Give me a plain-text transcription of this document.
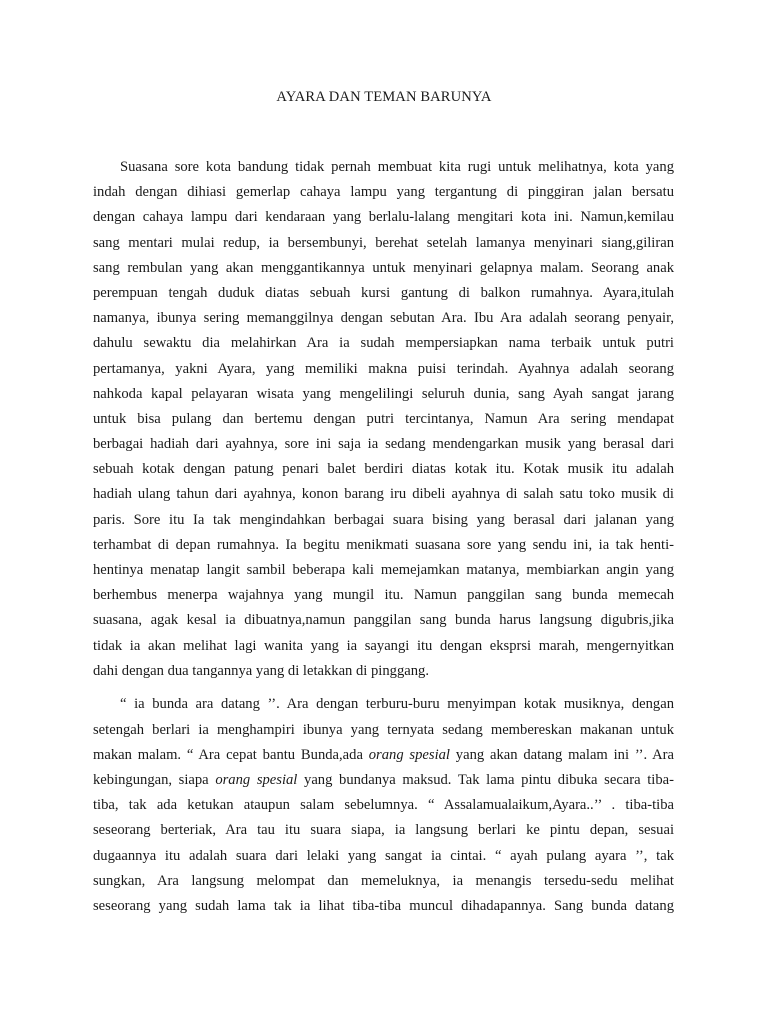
AYARA DAN TEMAN BARUNYA
Suasana sore kota bandung tidak pernah membuat kita rugi untuk melihatnya, kota yang
indah dengan dihiasi gemerlap cahaya lampu yang tergantung di pinggiran jalan bersatu
dengan cahaya lampu dari kendaraan yang berlalu-lalang mengitari kota ini. Namun,kemilau
sang mentari mulai redup, ia bersembunyi, berehat setelah lamanya menyinari siang,giliran
sang rembulan yang akan menggantikannya untuk menyinari gelapnya malam. Seorang anak
perempuan tengah duduk diatas sebuah kursi gantung di balkon rumahnya. Ayara,itulah
namanya, ibunya sering memanggilnya dengan sebutan Ara. Ibu Ara adalah seorang penyair,
dahulu sewaktu dia melahirkan Ara ia sudah mempersiapkan nama terbaik untuk putri
pertamanya, yakni Ayara, yang memiliki makna puisi terindah. Ayahnya adalah seorang
nahkoda kapal pelayaran wisata yang mengelilingi seluruh dunia, sang Ayah sangat jarang
untuk bisa pulang dan bertemu dengan putri tercintanya, Namun Ara sering mendapat
berbagai hadiah dari ayahnya, sore ini saja ia sedang mendengarkan musik yang berasal dari
sebuah kotak dengan patung penari balet berdiri diatas kotak itu. Kotak musik itu adalah
hadiah ulang tahun dari ayahnya, konon barang iru dibeli ayahnya di salah satu toko musik di
paris. Sore itu Ia tak mengindahkan berbagai suara bising yang berasal dari jalanan yang
terhambat di depan rumahnya. Ia begitu menikmati suasana sore yang sendu ini, ia tak henti-
hentinya menatap langit sambil beberapa kali memejamkan matanya, membiarkan angin yang
berhembus menerpa wajahnya yang mungil itu. Namun panggilan sang bunda memecah
suasana, agak kesal ia dibuatnya,namun panggilan sang bunda harus langsung digubris,jika
tidak ia akan melihat lagi wanita yang ia sayangi itu dengan eksprsi marah, mengernyitkan
dahi dengan dua tangannya yang di letakkan di pinggang.
“ ia bunda ara datang ’’. Ara dengan terburu-buru menyimpan kotak musiknya, dengan
setengah berlari ia menghampiri ibunya yang ternyata sedang membereskan makanan untuk
makan malam. “ Ara cepat bantu Bunda,ada orang spesial yang akan datang malam ini ’’. Ara
kebingungan, siapa orang spesial yang bundanya maksud. Tak lama pintu dibuka secara tiba-
tiba, tak ada ketukan ataupun salam sebelumnya. “ Assalamualaikum,Ayara..’’ . tiba-tiba
seseorang berteriak, Ara tau itu suara siapa, ia langsung berlari ke pintu depan, sesuai
dugaannya itu adalah suara dari lelaki yang sangat ia cintai. “ ayah pulang ayara ’’, tak
sungkan, Ara langsung melompat dan memeluknya, ia menangis tersedu-sedu melihat
seseorang yang sudah lama tak ia lihat tiba-tiba muncul dihadapannya. Sang bunda datang
